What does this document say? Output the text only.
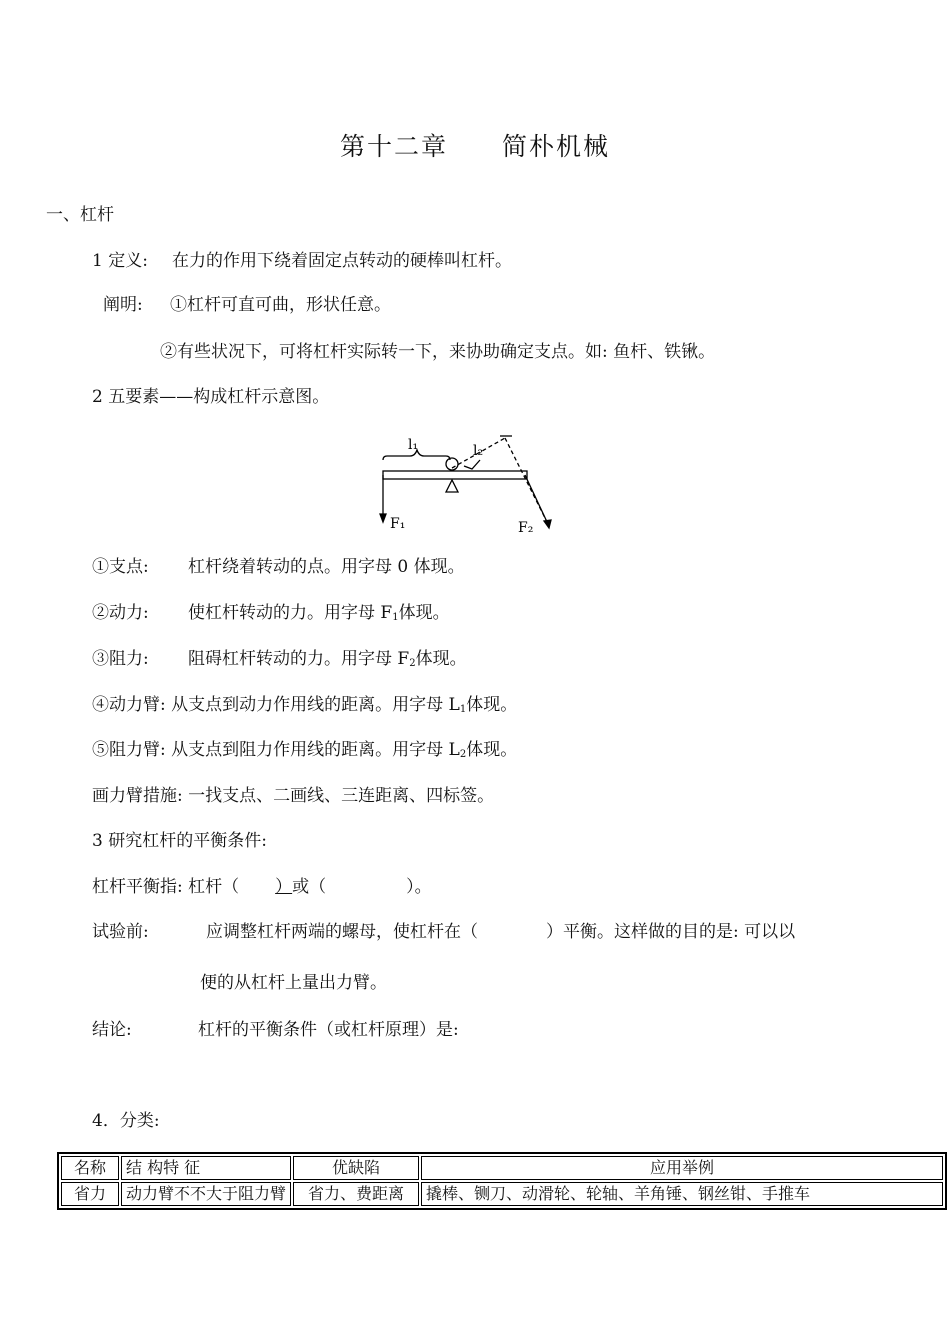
第十二章　　简朴机械
一、杠杆
1 定义: 在力的作用下绕着固定点转动的硬棒叫杠杆。
阐明: ①杠杆可直可曲，形状任意。
②有些状况下，可将杠杆实际转一下，来协助确定支点。如: 鱼杆、铁锹。
2 五要素——构成杠杆示意图。
l₁	l₂
F₁	F₂
①支点: 杠杆绕着转动的点。用字母 0 体现。
②动力: 使杠杆转动的力。用字母 $F_1$体现。
③阻力: 阻碍杠杆转动的力。用字母 $F_2$体现。
④动力臂: 从支点到动力作用线的距离。用字母 $L_1$体现。
⑤阻力臂: 从支点到阻力作用线的距离。用字母 $L_2$体现。
画力臂措施: 一找支点、二画线、三连距离、四标签。
3 研究杠杆的平衡条件:
杠杆平衡指: 杠杆（ ）或（	）。
试验前:	应调整杠杆两端的螺母，使杠杆在（　　　　）平衡。这样做的目的是: 可以以
便的从杠杆上量出力臂。
结论:	杠杆的平衡条件（或杠杆原理）是:
4．分类:
名称	结 构特 征	优缺陷	应用举例
省力	动力臂不不大于阻力臂	省力、费距离	撬棒、铡刀、动滑轮、轮轴、羊角锤、钢丝钳、手推车
